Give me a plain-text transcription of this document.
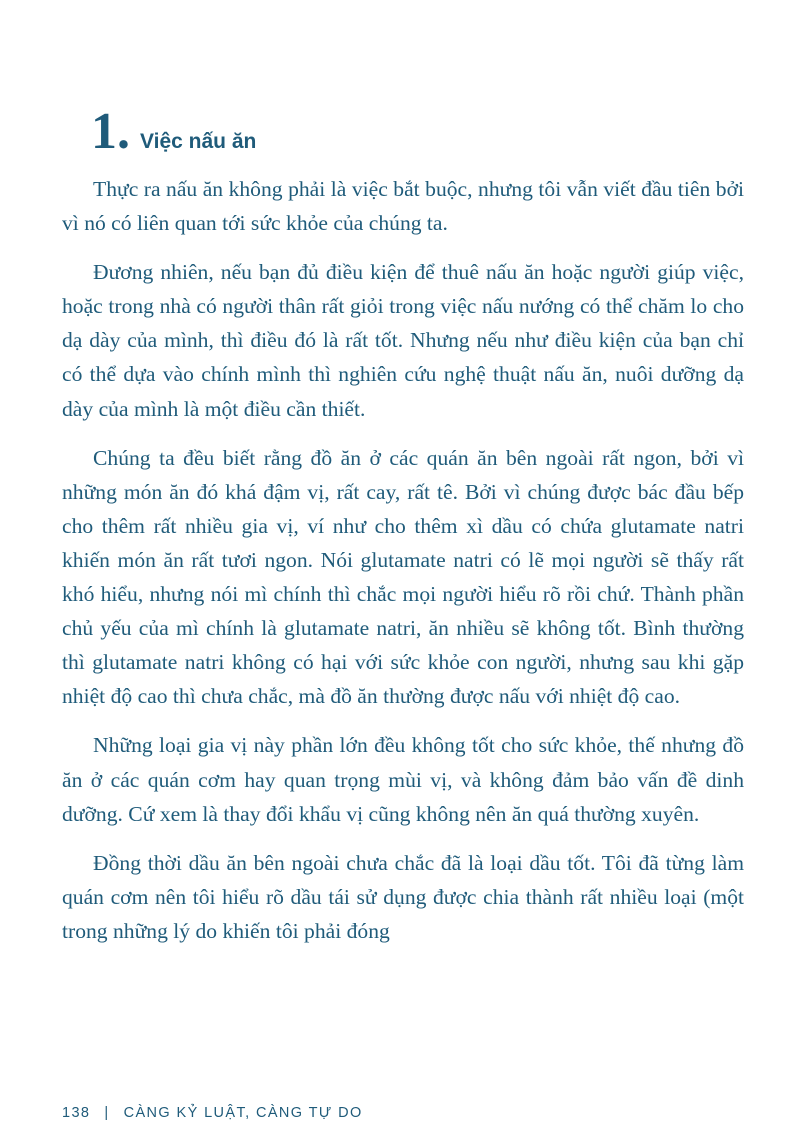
1. Việc nấu ăn

Thực ra nấu ăn không phải là việc bắt buộc, nhưng tôi vẫn viết đầu tiên bởi vì nó có liên quan tới sức khỏe của chúng ta.

Đương nhiên, nếu bạn đủ điều kiện để thuê nấu ăn hoặc người giúp việc, hoặc trong nhà có người thân rất giỏi trong việc nấu nướng có thể chăm lo cho dạ dày của mình, thì điều đó là rất tốt. Nhưng nếu như điều kiện của bạn chỉ có thể dựa vào chính mình thì nghiên cứu nghệ thuật nấu ăn, nuôi dưỡng dạ dày của mình là một điều cần thiết.

Chúng ta đều biết rằng đồ ăn ở các quán ăn bên ngoài rất ngon, bởi vì những món ăn đó khá đậm vị, rất cay, rất tê. Bởi vì chúng được bác đầu bếp cho thêm rất nhiều gia vị, ví như cho thêm xì dầu có chứa glutamate natri khiến món ăn rất tươi ngon. Nói glutamate natri có lẽ mọi người sẽ thấy rất khó hiểu, nhưng nói mì chính thì chắc mọi người hiểu rõ rồi chứ. Thành phần chủ yếu của mì chính là glutamate natri, ăn nhiều sẽ không tốt. Bình thường thì glutamate natri không có hại với sức khỏe con người, nhưng sau khi gặp nhiệt độ cao thì chưa chắc, mà đồ ăn thường được nấu với nhiệt độ cao.

Những loại gia vị này phần lớn đều không tốt cho sức khỏe, thế nhưng đồ ăn ở các quán cơm hay quan trọng mùi vị, và không đảm bảo vấn đề dinh dưỡng. Cứ xem là thay đổi khẩu vị cũng không nên ăn quá thường xuyên.

Đồng thời dầu ăn bên ngoài chưa chắc đã là loại dầu tốt. Tôi đã từng làm quán cơm nên tôi hiểu rõ dầu tái sử dụng được chia thành rất nhiều loại (một trong những lý do khiến tôi phải đóng

138 | CÀNG KỶ LUẬT, CÀNG TỰ DO
